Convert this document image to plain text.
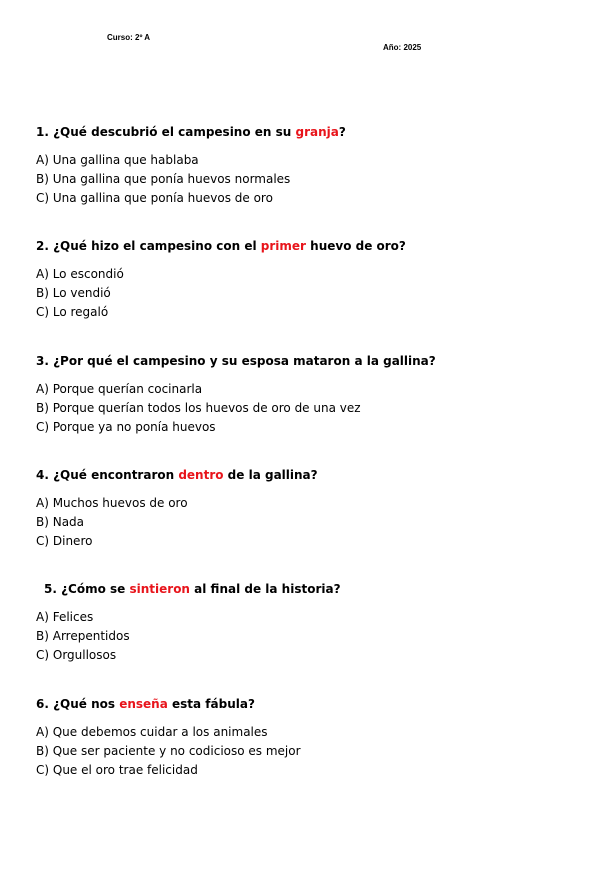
Curso: 2º A
Año: 2025
1. ¿Qué descubrió el campesino en su granja?
A) Una gallina que hablaba
B) Una gallina que ponía huevos normales
C) Una gallina que ponía huevos de oro
2. ¿Qué hizo el campesino con el primer huevo de oro?
A) Lo escondió
B) Lo vendió
C) Lo regaló
3. ¿Por qué el campesino y su esposa mataron a la gallina?
A) Porque querían cocinarla
B) Porque querían todos los huevos de oro de una vez
C) Porque ya no ponía huevos
4. ¿Qué encontraron dentro de la gallina?
A) Muchos huevos de oro
B) Nada
C) Dinero
5. ¿Cómo se sintieron al final de la historia?
A) Felices
B) Arrepentidos
C) Orgullosos
6. ¿Qué nos enseña esta fábula?
A) Que debemos cuidar a los animales
B) Que ser paciente y no codicioso es mejor
C) Que el oro trae felicidad
